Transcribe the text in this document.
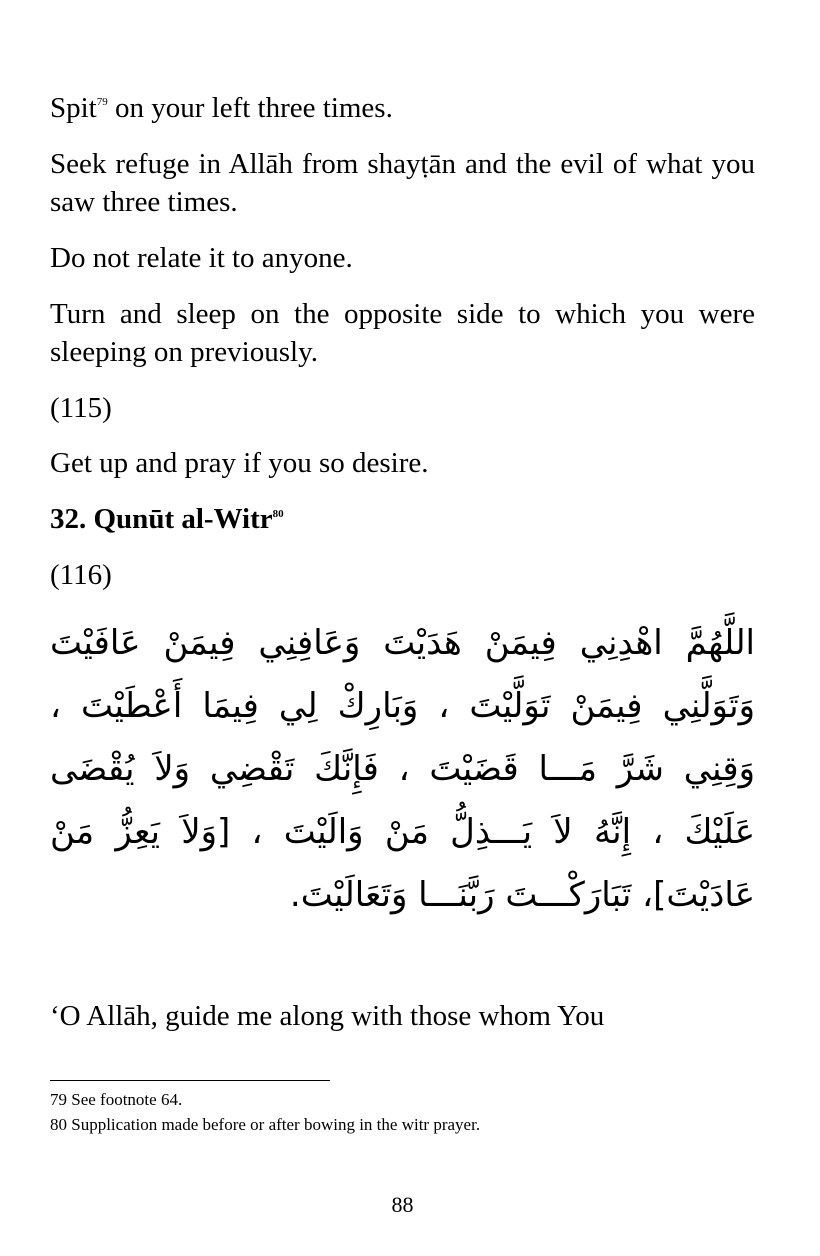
Spit$^{79}$ on your left three times.

Seek refuge in Allāh from shayṭān and the evil of what you saw three times.

Do not relate it to anyone.

Turn and sleep on the opposite side to which you were sleeping on previously.

(115)

Get up and pray if you so desire.

32. Qunūt al-Witr$^{80}$

(116)

اللَّهُمَّ اهْدِنِي فِيمَنْ هَدَيْتَ وَعَافِنِي فِيمَنْ عَافَيْتَ وَتَوَلَّنِي فِيمَنْ تَوَلَّيْتَ ، وَبَارِكْ لِي فِيمَا أَعْطَيْتَ ، وَقِنِي شَرَّ مَـــا قَضَيْتَ ، فَإِنَّكَ تَقْضِي وَلاَ يُقْضَى عَلَيْكَ ، إِنَّهُ لاَ يَـــذِلُّ مَنْ وَالَيْتَ ، [وَلاَ يَعِزُّ مَنْ عَادَيْتَ]، تَبَارَكْـــتَ رَبَّنَـــا وَتَعَالَيْتَ.

‘O Allāh, guide me along with those whom You

79 See footnote 64.

80 Supplication made before or after bowing in the witr prayer.

88
